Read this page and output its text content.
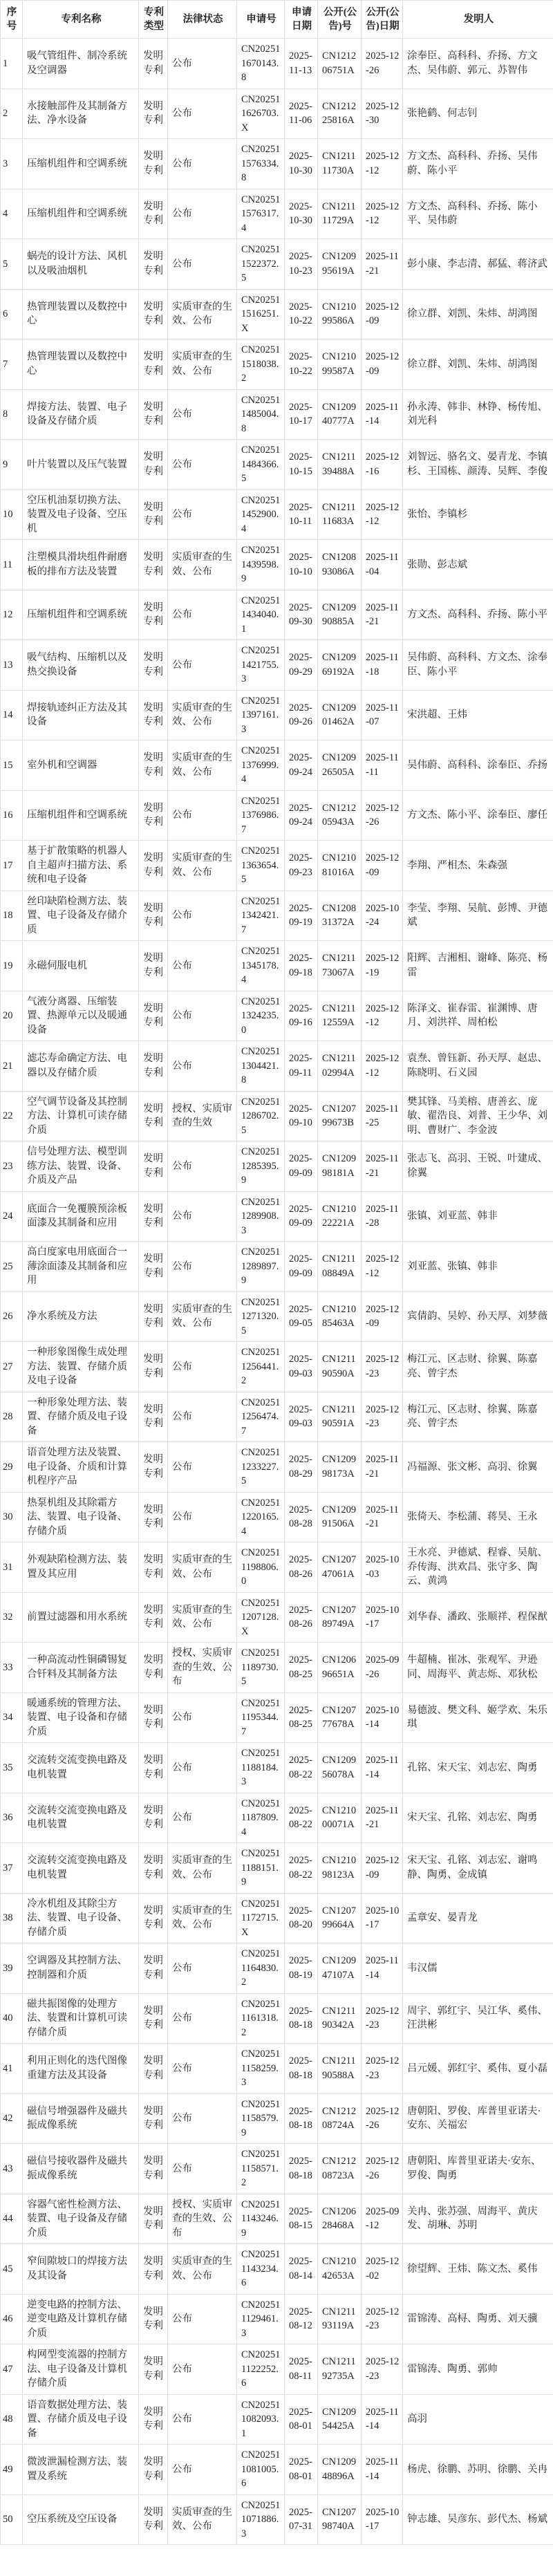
序号	专利名称	专利类型	法律状态	申请号	申请日期	公开(公告)号	公开(公告)日期	发明人
1	吸气管组件、制冷系统及空调器	发明专利	公布	CN202511670143.8	2025-11-13	CN121206751A	2025-12-26	涂奉臣、高科科、乔扬、方文杰、吴伟蔚、郭元、苏智伟
2	水接触部件及其制备方法、净水设备	发明专利	公布	CN202511626703.X	2025-11-06	CN121225816A	2025-12-30	张艳鹤、何志钊
3	压缩机组件和空调系统	发明专利	公布	CN202511576334.8	2025-10-30	CN121111730A	2025-12-12	方文杰、高科科、乔扬、吴伟蔚、陈小平
4	压缩机组件和空调系统	发明专利	公布	CN202511576317.4	2025-10-30	CN121111729A	2025-12-12	方文杰、高科科、乔扬、陈小平、吴伟蔚
5	蜗壳的设计方法、风机以及吸油烟机	发明专利	公布	CN202511522372.5	2025-10-23	CN120995619A	2025-11-21	彭小康、李志清、郝猛、蒋济武
6	热管理装置以及数控中心	发明专利	实质审查的生效、公布	CN202511516251.X	2025-10-22	CN121099586A	2025-12-09	徐立群、刘凯、朱炜、胡鸿图
7	热管理装置以及数控中心	发明专利	实质审查的生效、公布	CN202511518038.2	2025-10-22	CN121099587A	2025-12-09	徐立群、刘凯、朱炜、胡鸿图
8	焊接方法、装置、电子设备及存储介质	发明专利	公布	CN202511485004.8	2025-10-17	CN120940777A	2025-11-14	孙永涛、韩非、林铮、杨传旭、刘光科
9	叶片装置以及压气装置	发明专利	公布	CN202511484366.5	2025-10-15	CN121139488A	2025-12-16	刘智远、骆名文、晏青龙、李镇杉、王国栋、颜涛、吴辉、李俊
10	空压机油泵切换方法、装置及电子设备、空压机	发明专利	公布	CN202511452900.4	2025-10-11	CN121111683A	2025-12-12	张怡、李镇杉
11	注塑模具滑块组件耐磨板的排布方法及装置	发明专利	实质审查的生效、公布	CN202511439598.9	2025-10-10	CN120893086A	2025-11-04	张勋、彭志斌
12	压缩机组件和空调系统	发明专利	公布	CN202511434040.1	2025-09-30	CN120990885A	2025-11-21	方文杰、高科科、乔扬、陈小平
13	吸气结构、压缩机以及热交换设备	发明专利	公布	CN202511421755.3	2025-09-29	CN120969192A	2025-11-18	吴伟蔚、高科科、方文杰、涂奉臣、陈小平
14	焊接轨迹纠正方法及其设备	发明专利	实质审查的生效、公布	CN202511397161.3	2025-09-26	CN120901462A	2025-11-07	宋洪超、王炜
15	室外机和空调器	发明专利	实质审查的生效、公布	CN202511376999.4	2025-09-24	CN120926505A	2025-11-11	吴伟蔚、高科科、涂奉臣、乔扬
16	压缩机组件和空调系统	发明专利	公布	CN202511376986.7	2025-09-24	CN121205943A	2025-12-26	方文杰、陈小平、涂奉臣、廖任
17	基于扩散策略的机器人自主超声扫描方法、系统和电子设备	发明专利	实质审查的生效、公布	CN202511363654.5	2025-09-23	CN121081016A	2025-12-09	李翔、严相杰、朱森强
18	丝印缺陷检测方法、装置、电子设备及存储介质	发明专利	公布	CN202511342421.7	2025-09-19	CN120831372A	2025-10-24	李莹、李翔、吴航、彭博、尹德斌
19	永磁伺服电机	发明专利	公布	CN202511345178.4	2025-09-18	CN121173067A	2025-12-19	阳辉、吉湘相、谢峰、陈亮、杨雷
20	气液分离器、压缩装置、热源单元以及暖通设备	发明专利	公布	CN202511324235.0	2025-09-16	CN121112559A	2025-12-12	陈泽文、崔春雷、崔渊博、唐月、刘洪祥、周柏松
21	滤芯寿命确定方法、电器以及存储介质	发明专利	公布	CN202511304421.8	2025-09-11	CN121102994A	2025-12-12	袁焘、曾钰新、孙天厚、赵忠、陈晓明、石义园
22	空气调节设备及其控制方法、计算机可读存储介质	发明专利	授权、实质审查的生效	CN202511286702.5	2025-09-10	CN120799673B	2025-11-25	樊其锋、马美榕、唐善玄、庞敏、翟浩良、刘普、王少华、刘明、曹财广、李金波
23	信号处理方法、模型训练方法、装置、设备、介质及产品	发明专利	公布	CN202511285395.9	2025-09-09	CN120998181A	2025-11-21	张志飞、高羽、王锐、叶建成、徐翼
24	底面合一免覆膜预涂板面漆及其制备和应用	发明专利	公布	CN202511289908.3	2025-09-09	CN121022221A	2025-11-28	张镇、刘亚蓝、韩非
25	高白度家电用底面合一薄涂面漆及其制备和应用	发明专利	公布	CN202511289897.9	2025-09-09	CN121108849A	2025-12-12	刘亚蓝、张镇、韩非
26	净水系统及方法	发明专利	实质审查的生效、公布	CN202511271320.5	2025-09-05	CN121085463A	2025-12-09	宾倩韵、吴婷、孙天厚、刘梦薇
27	一种形象图像生成处理方法、装置、存储介质及电子设备	发明专利	公布	CN202511256441.2	2025-09-03	CN121190590A	2025-12-23	梅江元、区志财、徐翼、陈嘉亮、曾宇杰
28	一种形象处理方法、装置、存储介质及电子设备	发明专利	公布	CN202511256474.7	2025-09-03	CN121190591A	2025-12-23	梅江元、区志财、徐翼、陈嘉亮、曾宇杰
29	语音处理方法及装置、电子设备、介质和计算机程序产品	发明专利	公布	CN202511233227.5	2025-08-29	CN120998173A	2025-11-21	冯福源、张文彬、高羽、徐翼
30	热泵机组及其除霜方法、装置、电子设备、存储介质	发明专利	公布	CN202511220165.4	2025-08-28	CN120991506A	2025-11-21	张倚天、李松蒲、蒋昊、王永
31	外观缺陷检测方法、装置及其应用	发明专利	实质审查的生效、公布	CN202511198806.0	2025-08-26	CN120747061A	2025-10-03	王水亮、尹德斌、程睿、吴航、乔传海、洪欢昌、张守多、陶云、黄鸿
32	前置过滤器和用水系统	发明专利	实质审查的生效、公布	CN202511207128.X	2025-08-26	CN120789749A	2025-10-17	刘华春、潘政、张顺祥、程保猷
33	一种高流动性铜磷锡复合钎料及其制备方法	发明专利	授权、实质审查的生效、公布	CN202511189730.5	2025-08-25	CN120696651A	2025-09-26	牛超楠、崔冰、张观军、尹逊同、周海平、黄志烁、邓狄松
34	暖通系统的管理方法、装置、电子设备和存储介质	发明专利	公布	CN202511195344.7	2025-08-25	CN120777678A	2025-10-14	易德波、樊文科、姬学欢、朱乐琪
35	交流转交流变换电路及电机装置	发明专利	公布	CN202511188184.3	2025-08-22	CN120956078A	2025-11-14	孔铭、宋天宝、刘志宏、陶勇
36	交流转交流变换电路及电机装置	发明专利	公布	CN202511187809.4	2025-08-22	CN121000071A	2025-11-21	宋天宝、孔铭、刘志宏、陶勇
37	交流转交流变换电路及电机装置	发明专利	实质审查的生效、公布	CN202511188151.9	2025-08-22	CN121098123A	2025-12-09	宋天宝、孔铭、刘志宏、谢鸣静、陶勇、金成镇
38	冷水机组及其除尘方法、装置、电子设备、存储介质	发明专利	实质审查的生效、公布	CN202511172715.X	2025-08-20	CN120799664A	2025-10-17	孟章安、晏青龙
39	空调器及其控制方法、控制器和介质	发明专利	公布	CN202511164830.2	2025-08-19	CN120947107A	2025-11-14	韦汉儒
40	磁共振图像的处理方法、装置和计算机可读存储介质	发明专利	公布	CN202511161318.2	2025-08-18	CN121190342A	2025-12-23	周宇、郭红宇、吴江华、奚伟、汪洪彬
41	利用正则化的迭代图像重建方法及其设备	发明专利	公布	CN202511158259.3	2025-08-18	CN121190588A	2025-12-23	吕元媛、郭红宇、奚伟、夏小磊
42	磁信号增强器件及磁共振成像系统	发明专利	公布	CN202511158579.9	2025-08-18	CN121208724A	2025-12-26	唐朝阳、罗俊、库普里亚诺夫·安东、关福宏
43	磁信号接收器件及磁共振成像系统	发明专利	公布	CN202511158571.2	2025-08-18	CN121208723A	2025-12-26	唐朝阳、库普里亚诺夫·安东、罗俊、陶勇
44	容器气密性检测方法、装置、电子设备及存储介质	发明专利	授权、实质审查的生效、公布	CN202511143246.9	2025-08-15	CN120628468A	2025-09-12	关冉、张苏强、周海平、黄庆发、胡琳、苏明
45	窄间隙坡口的焊接方法及其设备	发明专利	实质审查的生效、公布	CN202511143234.6	2025-08-14	CN121042653A	2025-12-02	徐望辉、王炜、陈文杰、奚伟
46	逆变电路的控制方法、逆变电路及计算机存储介质	发明专利	公布	CN202511129461.3	2025-08-12	CN121193119A	2025-12-23	雷锦涛、高桪、陶勇、刘天骥
47	构网型变流器的控制方法、电子设备及计算机存储介质	发明专利	公布	CN202511122252.6	2025-08-11	CN121192735A	2025-12-23	雷锦涛、陶勇、郭帅
48	语音数据处理方法、装置、存储介质及电子设备	发明专利	公布	CN202511082093.1	2025-08-01	CN120954425A	2025-11-14	高羽
49	微波泄漏检测方法、装置及系统	发明专利	公布	CN202511081005.6	2025-08-01	CN120948896A	2025-11-14	杨虎、徐鹏、苏明、徐鹏、关冉
50	空压系统及空压设备	发明专利	实质审查的生效、公布	CN202511071886.3	2025-07-31	CN120798740A	2025-10-17	钟志雄、吴彦东、彭代杰、杨斌
